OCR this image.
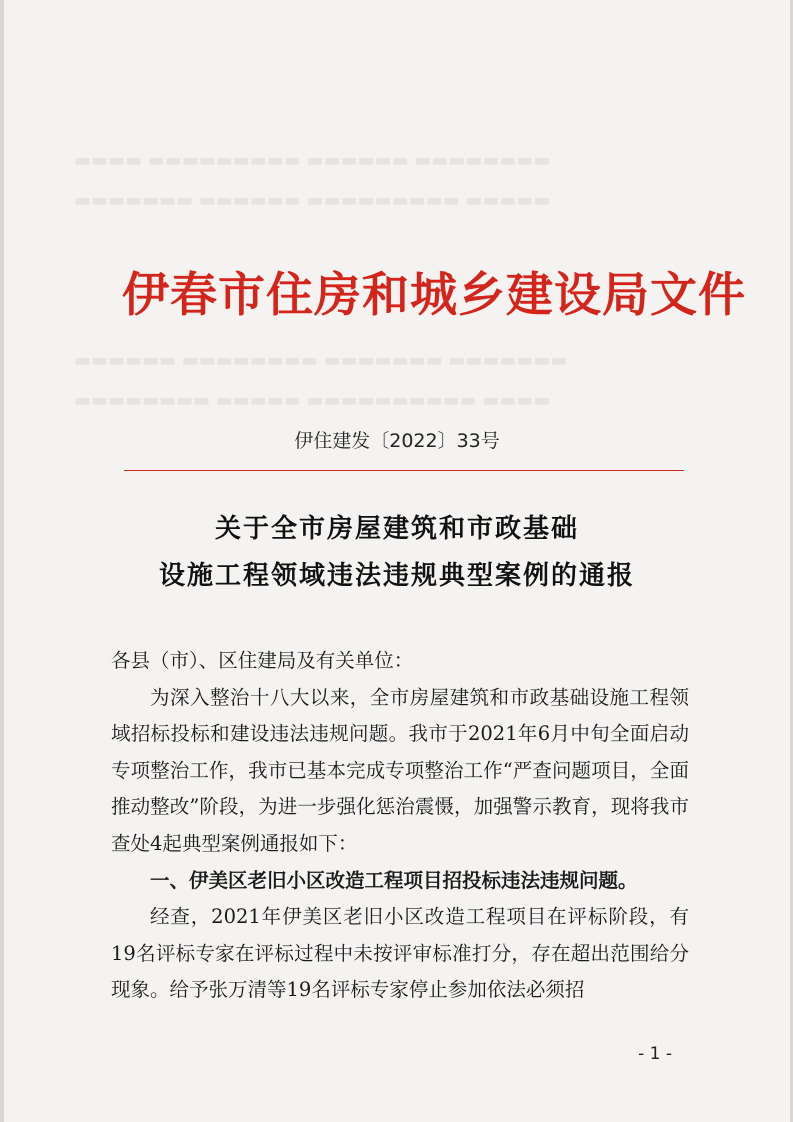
▬▬▬▬ ▬▬▬▬▬▬▬▬▬ ▬▬▬▬▬▬ ▬▬▬▬▬▬▬▬
▬▬▬▬▬▬▬ ▬▬▬▬▬▬ ▬▬▬▬▬▬▬▬▬ ▬▬▬▬▬
▬▬▬▬▬▬ ▬▬▬▬▬▬▬▬ ▬▬▬▬▬▬▬ ▬▬▬▬▬▬▬
▬▬▬▬▬▬▬▬ ▬▬▬▬▬ ▬▬▬▬▬▬▬▬▬▬ ▬▬▬▬
伊春市住房和城乡建设局文件
伊住建发〔2022〕33号
关于全市房屋建筑和市政基础
设施工程领域违法违规典型案例的通报

各县（市）、区住建局及有关单位：

为深入整治十八大以来，全市房屋建筑和市政基础设施工程领域招标投标和建设违法违规问题。我市于2021年6月中旬全面启动专项整治工作，我市已基本完成专项整治工作“严查问题项目，全面推动整改”阶段，为进一步强化惩治震慑，加强警示教育，现将我市查处4起典型案例通报如下：

一、伊美区老旧小区改造工程项目招投标违法违规问题。

经查，2021年伊美区老旧小区改造工程项目在评标阶段，有19名评标专家在评标过程中未按评审标准打分，存在超出范围给分现象。给予张万清等19名评标专家停止参加依法必须招

- 1 -
